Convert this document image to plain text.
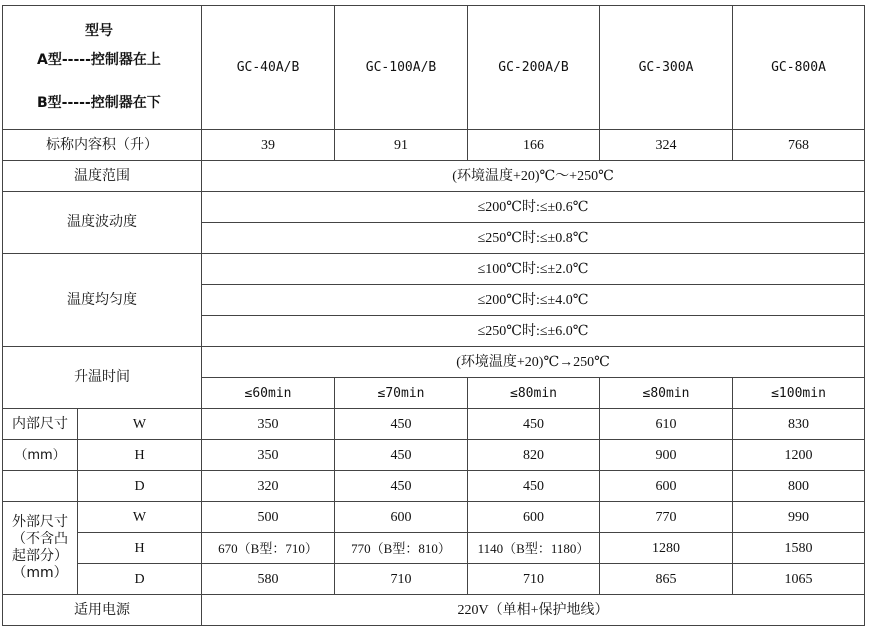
型号
A型-----控制器在上
B型-----控制器在下		GC-40A/B	GC-100A/B	GC-200A/B	GC-300A	GC-800A
标称内容积（升）		39	91	166	324	768
温度范围		(环境温度+20)℃～+250℃				
温度波动度		≤200℃时:≤±0.6℃				
		≤250℃时:≤±0.8℃				
温度均匀度		≤100℃时:≤±2.0℃				
		≤200℃时:≤±4.0℃				
		≤250℃时:≤±6.0℃				
升温时间		(环境温度+20)℃→250℃				
		≤60min	≤70min	≤80min	≤80min	≤100min
内部尺寸	W	350	450	450	610	830
（mm）	H	350	450	820	900	1200
	D	320	450	450	600	800

外部尺寸
（不含凸
起部分）
（mm）	W	500	600	600	770	990
	H	670（B型：710）	770（B型：810）	1140（B型：1180）	1280	1580
	D	580	710	710	865	1065
适用电源		220V（单相+保护地线）				
